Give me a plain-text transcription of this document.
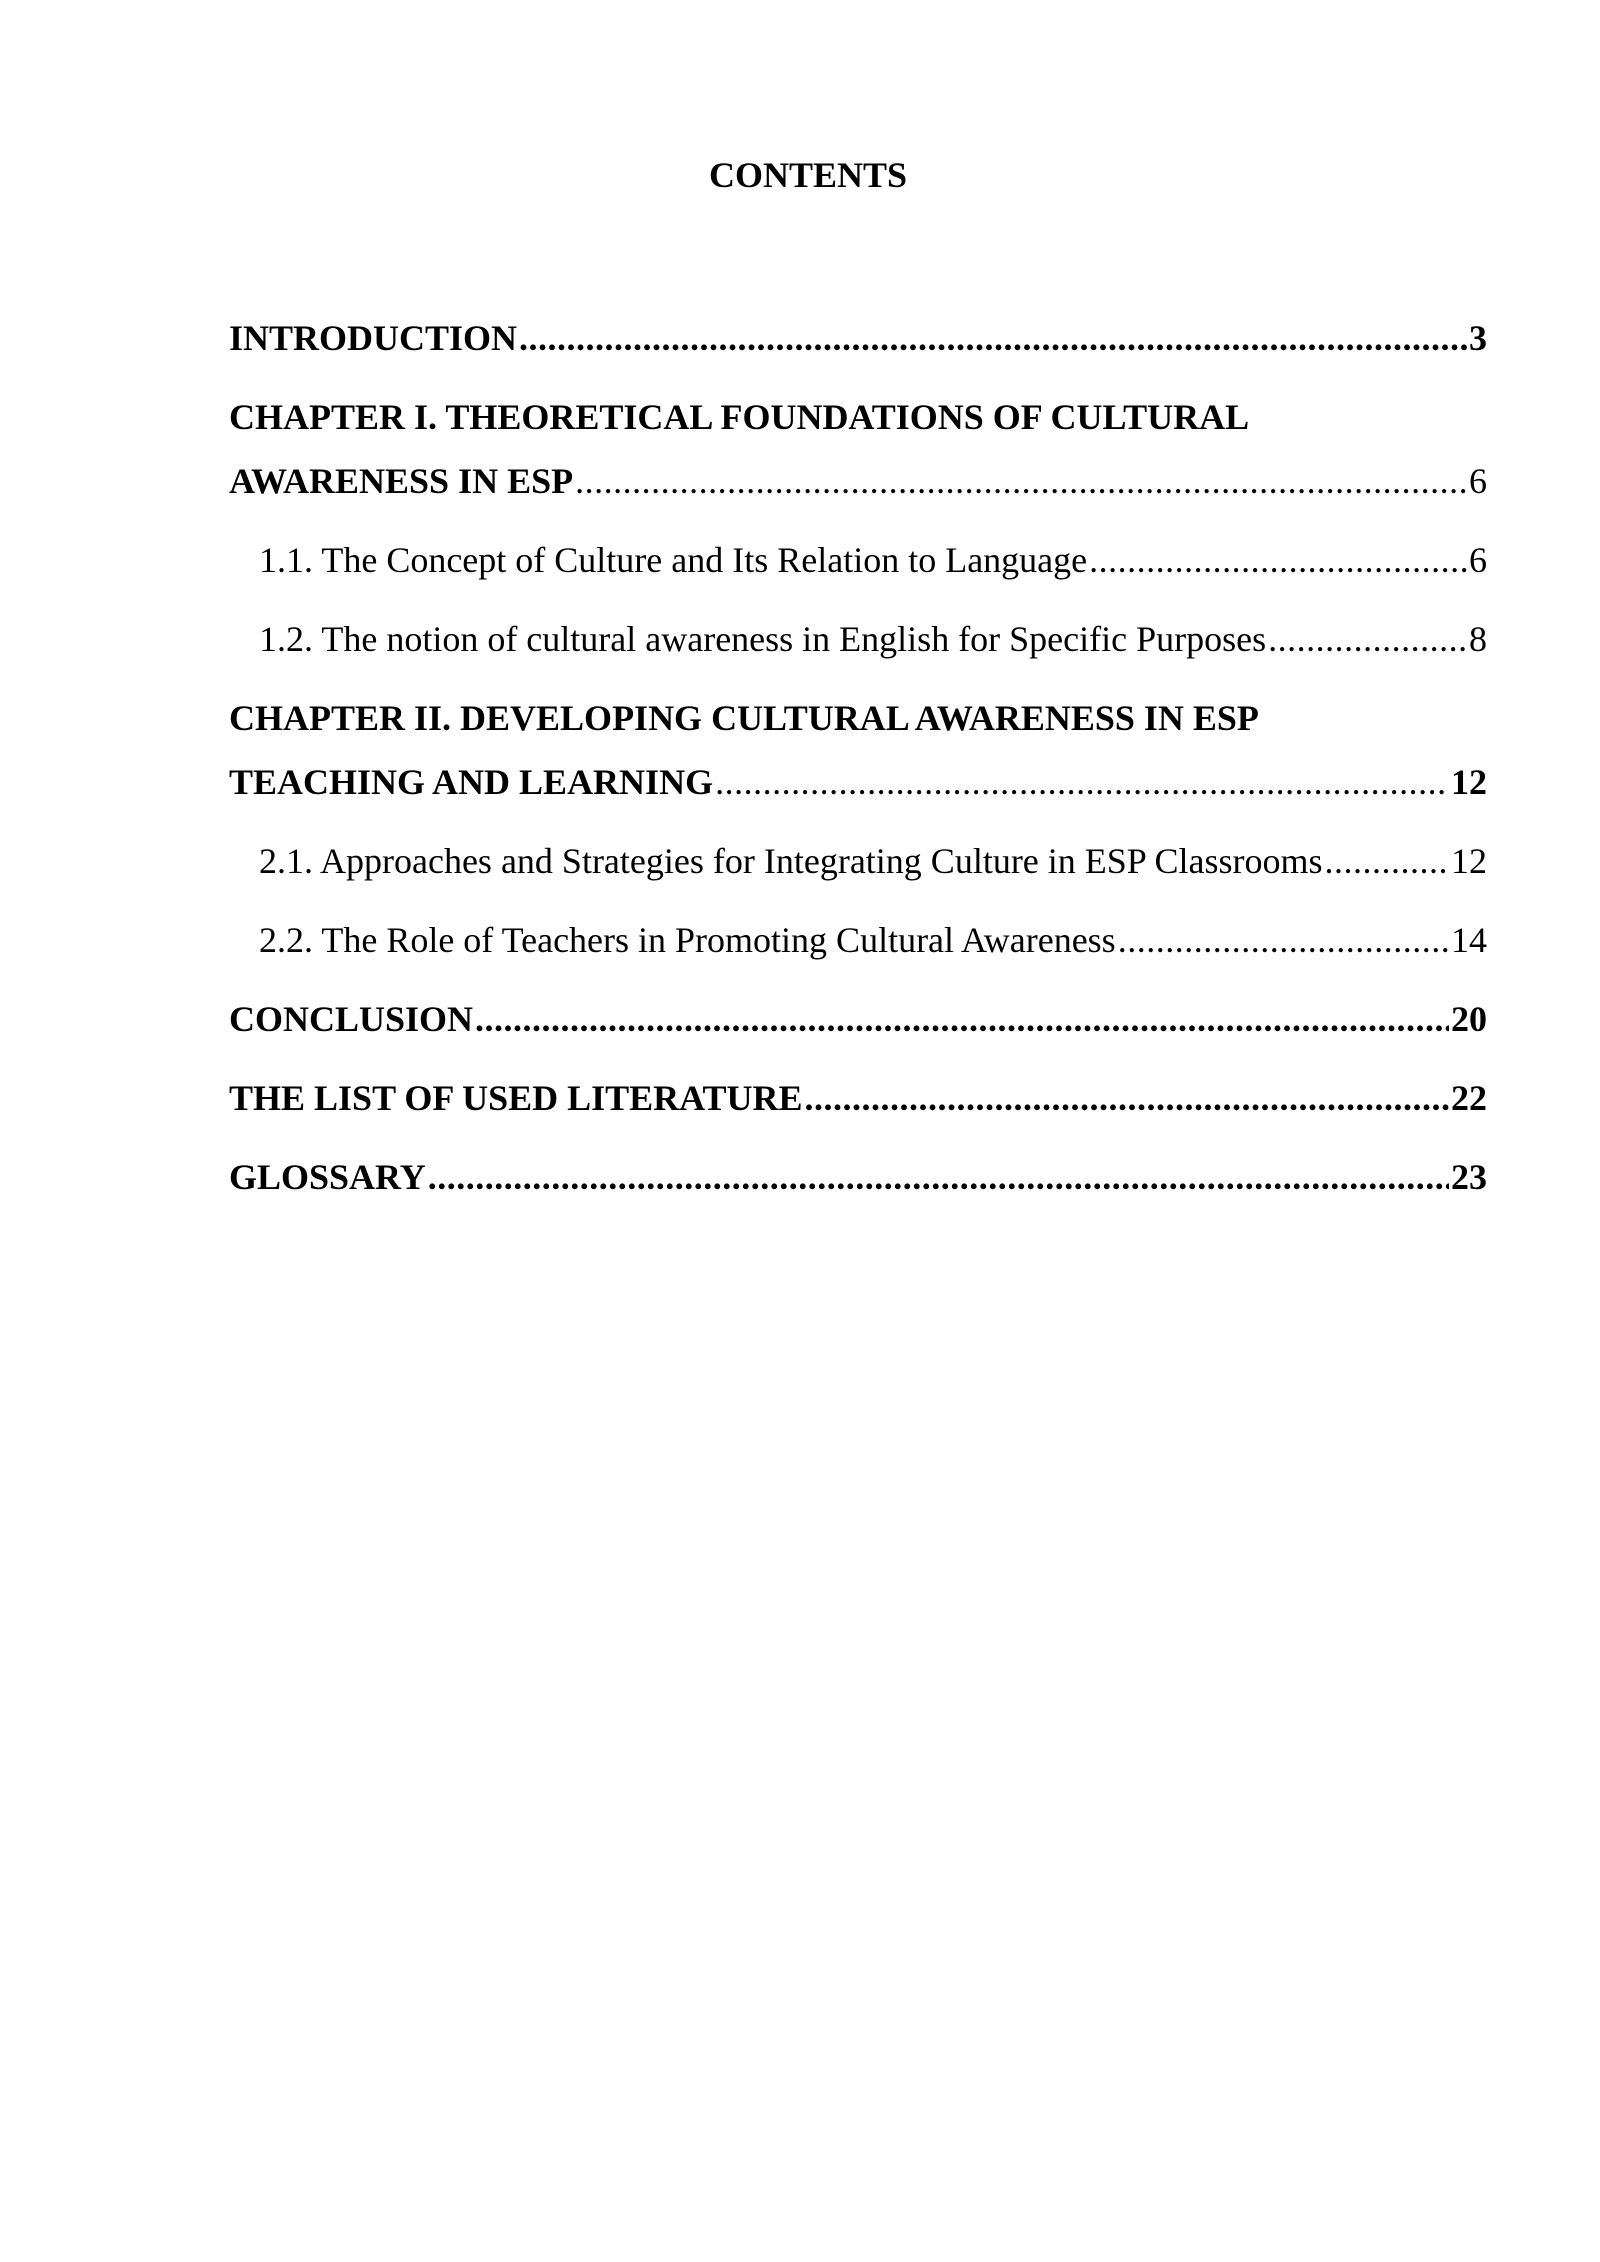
CONTENTS
INTRODUCTION .....	3
CHAPTER I. THEORETICAL FOUNDATIONS OF CULTURAL
AWARENESS IN ESP .....	6
1.1. The Concept of Culture and Its Relation to Language .....	6
1.2. The notion of cultural awareness in English for Specific Purposes .....	8
CHAPTER II. DEVELOPING CULTURAL AWARENESS IN ESP
TEACHING AND LEARNING .....	12
2.1. Approaches and Strategies for Integrating Culture in ESP Classrooms .....	12
2.2. The Role of Teachers in Promoting Cultural Awareness .....	14
CONCLUSION .....	20
THE LIST OF USED LITERATURE .....	22
GLOSSARY .....	23
